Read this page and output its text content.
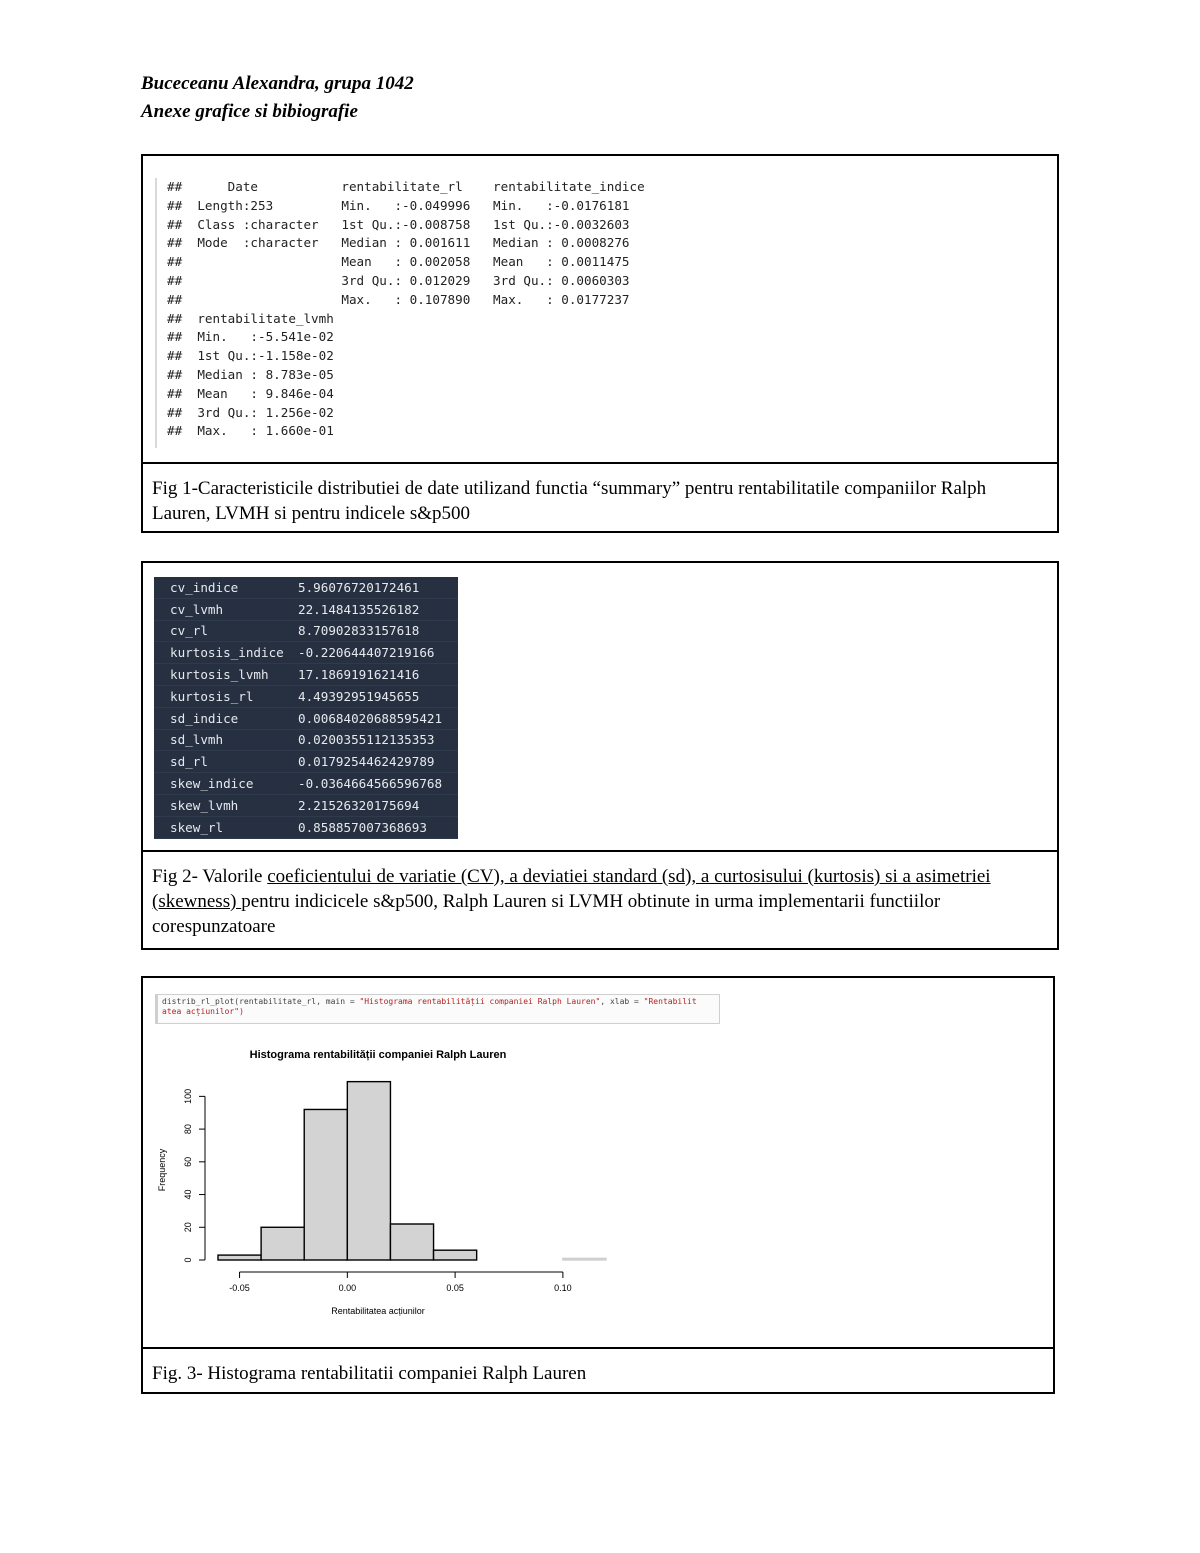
Buceceanu Alexandra, grupa 1042
Anexe grafice si bibiografie
##      Date           rentabilitate_rl    rentabilitate_indice
##  Length:253         Min.   :-0.049996   Min.   :-0.0176181
##  Class :character   1st Qu.:-0.008758   1st Qu.:-0.0032603
##  Mode  :character   Median : 0.001611   Median : 0.0008276
##                     Mean   : 0.002058   Mean   : 0.0011475
##                     3rd Qu.: 0.012029   3rd Qu.: 0.0060303
##                     Max.   : 0.107890   Max.   : 0.0177237
##  rentabilitate_lvmh
##  Min.   :-5.541e-02
##  1st Qu.:-1.158e-02
##  Median : 8.783e-05
##  Mean   : 9.846e-04
##  3rd Qu.: 1.256e-02
##  Max.   : 1.660e-01
Fig 1-Caracteristicile distributiei de date utilizand functia “summary” pentru rentabilitatile companiilor Ralph Lauren, LVMH si pentru indicele s&p500
cv_indice	5.96076720172461
cv_lvmh	22.1484135526182
cv_rl	8.70902833157618
kurtosis_indice	-0.220644407219166
kurtosis_lvmh	17.1869191621416
kurtosis_rl	4.49392951945655
sd_indice	0.00684020688595421
sd_lvmh	0.0200355112135353
sd_rl	0.0179254462429789
skew_indice	-0.0364664566596768
skew_lvmh	2.21526320175694
skew_rl	0.858857007368693
Fig 2- Valorile coeficientului de variatie (CV), a deviatiei standard (sd), a curtosisului (kurtosis) si a asimetriei (skewness) pentru indicicele s&p500, Ralph Lauren si LVMH obtinute in urma implementarii functiilor corespunzatoare
distrib_rl_plot(rentabilitate_rl, main = "Histograma rentabilității companiei Ralph Lauren", xlab = "Rentabilit
atea acțiunilor")
Histograma rentabilității companiei Ralph Lauren
0
20
40
60
80
100
Frequency
-0.05	0.00	0.05	0.10
Rentabilitatea acțiunilor
Fig. 3- Histograma rentabilitatii companiei Ralph Lauren
